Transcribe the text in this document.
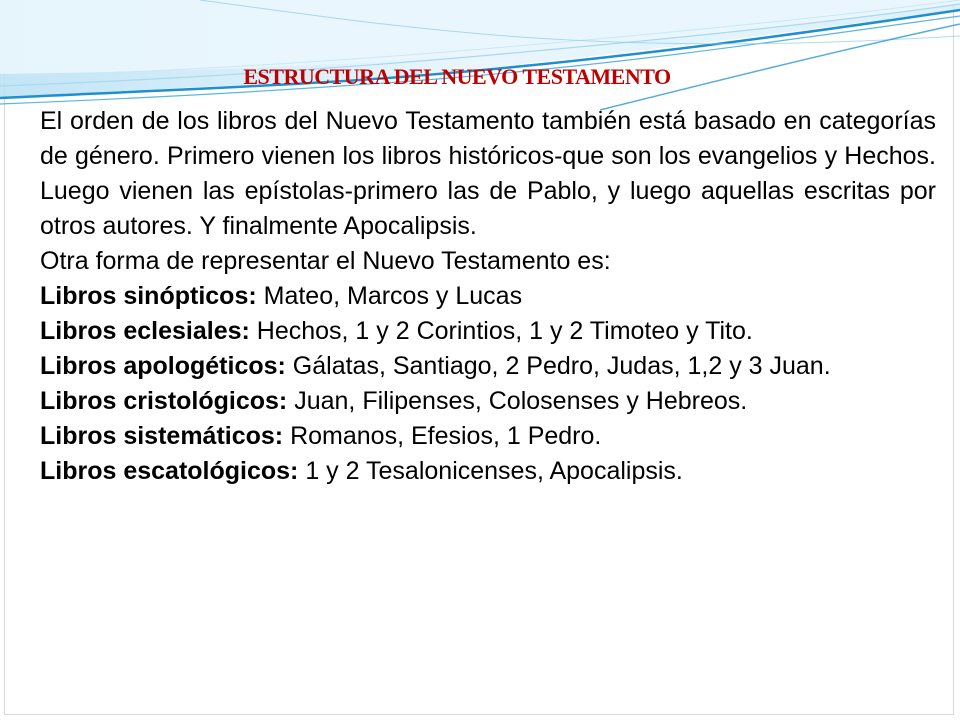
ESTRUCTURA DEL NUEVO TESTAMENTO

El orden de los libros del Nuevo Testamento también está basado en categorías de género. Primero vienen los libros históricos-que son los evangelios y Hechos. Luego vienen las epístolas-primero las de Pablo, y luego aquellas escritas por otros autores. Y finalmente Apocalipsis.

Otra forma de representar el Nuevo Testamento es:

Libros sinópticos: Mateo, Marcos y Lucas

Libros eclesiales: Hechos, 1 y 2 Corintios, 1 y 2 Timoteo y Tito.

Libros apologéticos: Gálatas, Santiago, 2 Pedro, Judas, 1,2 y 3 Juan.

Libros cristológicos: Juan, Filipenses, Colosenses y Hebreos.

Libros sistemáticos: Romanos, Efesios, 1 Pedro.

Libros escatológicos: 1 y 2 Tesalonicenses, Apocalipsis.
